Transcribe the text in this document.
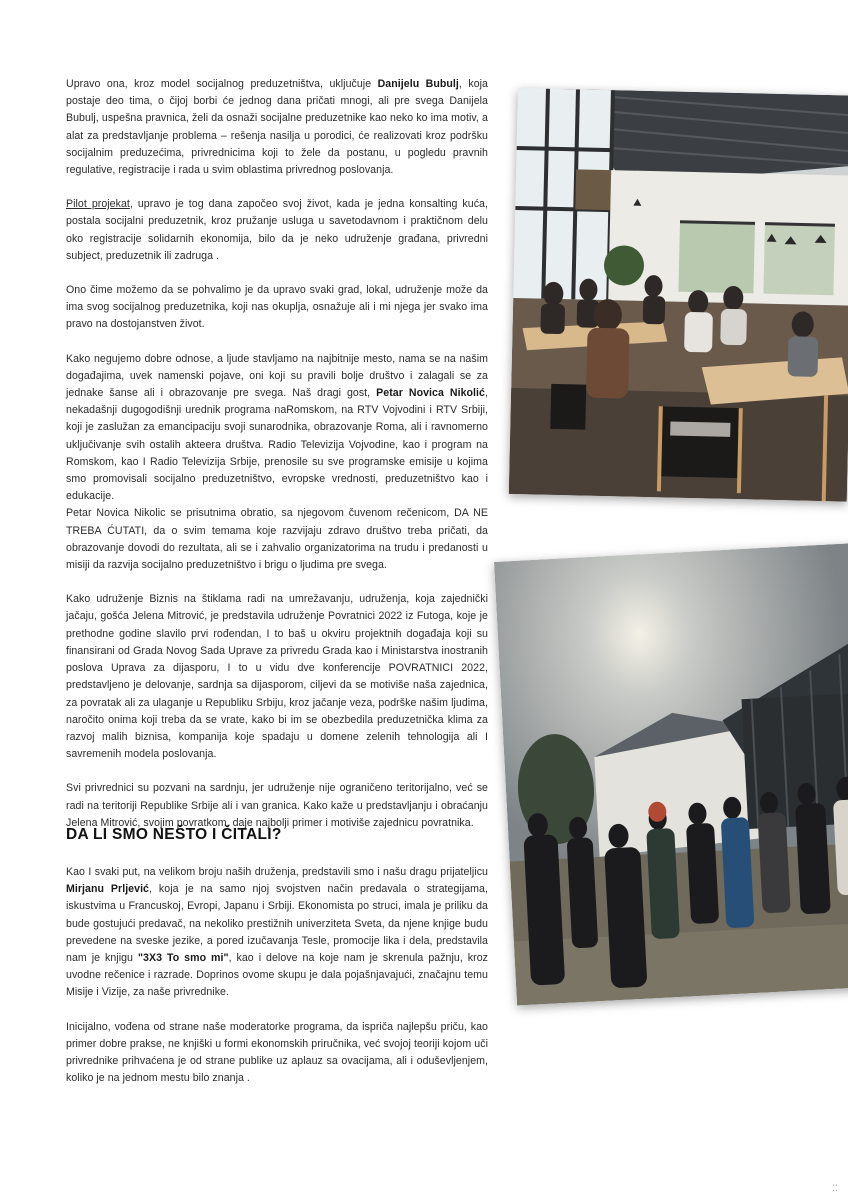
Upravo ona, kroz model socijalnog preduzetništva, uključuje Danijelu Bubulj, koja postaje deo tima, o čijoj borbi će jednog dana pričati mnogi, ali pre svega Danijela Bubulj, uspešna pravnica, želi da osnaži socijalne preduzetnike kao neko ko ima motiv, a alat za predstavljanje problema – rešenja nasilja u porodici, će realizovati kroz podršku socijalnim preduzećima, privrednicima koji to žele da postanu, u pogledu pravnih regulative, registracije i rada u svim oblastima privrednog poslovanja.

Pilot projekat, upravo je tog dana započeo svoj život, kada je jedna konsalting kuća, postala socijalni preduzetnik, kroz pružanje usluga u savetodavnom i praktičnom delu oko registracije solidarnih ekonomija, bilo da je neko udruženje građana, privredni subject, preduzetnik ili zadruga .

Ono čime možemo da se pohvalimo je da upravo svaki grad, lokal, udruženje može da ima svog socijalnog preduzetnika, koji nas okuplja, osnažuje ali i mi njega jer svako ima pravo na dostojanstven život.

Kako negujemo dobre odnose, a ljude stavljamo na najbitnije mesto, nama se na našim događajima, uvek namenski pojave, oni koji su pravili bolje društvo i zalagali se za jednake šanse ali i obrazovanje pre svega. Naš dragi gost, Petar Novica Nikolić, nekadašnji dugogodišnji urednik programa naRomskom, na RTV Vojvodini i RTV Srbiji, koji je zaslužan za emancipaciju svoji sunarodnika, obrazovanje Roma, ali i ravnomerno uključivanje svih ostalih akteera društva. Radio Televizija Vojvodine, kao i program na Romskom, kao I Radio Televizija Srbije, prenosile su sve programske emisije u kojima smo promovisali socijalno preduzetništvo, evropske vrednosti, preduzetništvo kao i edukacije.

Petar Novica Nikolic se prisutnima obratio, sa njegovom čuvenom rečenicom, DA NE TREBA ĆUTATI, da o svim temama koje razvijaju zdravo društvo treba pričati, da obrazovanje dovodi do rezultata, ali se i zahvalio organizatorima na trudu i predanosti u misiji da razvija socijalno preduzetništvo i brigu o ljudima pre svega.

Kako udruženje Biznis na štiklama radi na umrežavanju, udruženja, koja zajednički jačaju, gošća Jelena Mitrović, je predstavila udruženje Povratnici 2022 iz Futoga, koje je prethodne godine slavilo prvi rođendan, I to baš u okviru projektnih događaja koji su finansirani od Grada Novog Sada Uprave za privredu Grada kao i Ministarstva inostranih poslova Uprava za dijasporu, I to u vidu dve konferencije POVRATNICI 2022, predstavljeno je delovanje, sardnja sa dijasporom, ciljevi da se motiviše naša zajednica, za povratak ali za ulaganje u Republiku Srbiju, kroz jačanje veza, podrške našim ljudima, naročito onima koji treba da se vrate, kako bi im se obezbedila preduzetnička klima za razvoj malih biznisa, kompanija koje spadaju u domene zelenih tehnologija ali I savremenih modela poslovanja.

Svi privrednici su pozvani na sardnju, jer udruženje nije ograničeno teritorijalno, već se radi na teritoriji Republike Srbije ali i van granica. Kako kaže u predstavljanju i obraćanju Jelena Mitrović, svojim povratkom, daje najbolji primer i motiviše zajednicu povratnika.

DA LI SMO NEŠTO I ČITALI?

Kao I svaki put, na velikom broju naših druženja, predstavili smo i našu dragu prijateljicu Mirjanu Prljević, koja je na samo njoj svojstven način predavala o strategijama, iskustvima u Francuskoj, Evropi, Japanu i Srbiji. Ekonomista po struci, imala je priliku da bude gostujući predavač, na nekoliko prestižnih univerziteta Sveta, da njene knjige budu prevedene na sveske jezike, a pored izučavanja Tesle, promocije lika i dela, predstavila nam je knjigu "3X3 To smo mi", kao i delove na koje nam je skrenula pažnju, kroz uvodne rečenice i razrade. Doprinos ovome skupu je dala pojašnjavajući, značajnu temu Misije i Vizije, za naše privrednike.

Inicijalno, vođena od strane naše moderatorke programa, da ispriča najlepšu priču, kao primer dobre prakse, ne knjiški u formi ekonomskih priručnika, već svojoj teoriji kojom uči privrednike prihvaćena je od strane publike uz aplauz sa ovacijama, ali i oduševljenjem, koliko je na jednom mestu bilo znanja .

⁚⁚
